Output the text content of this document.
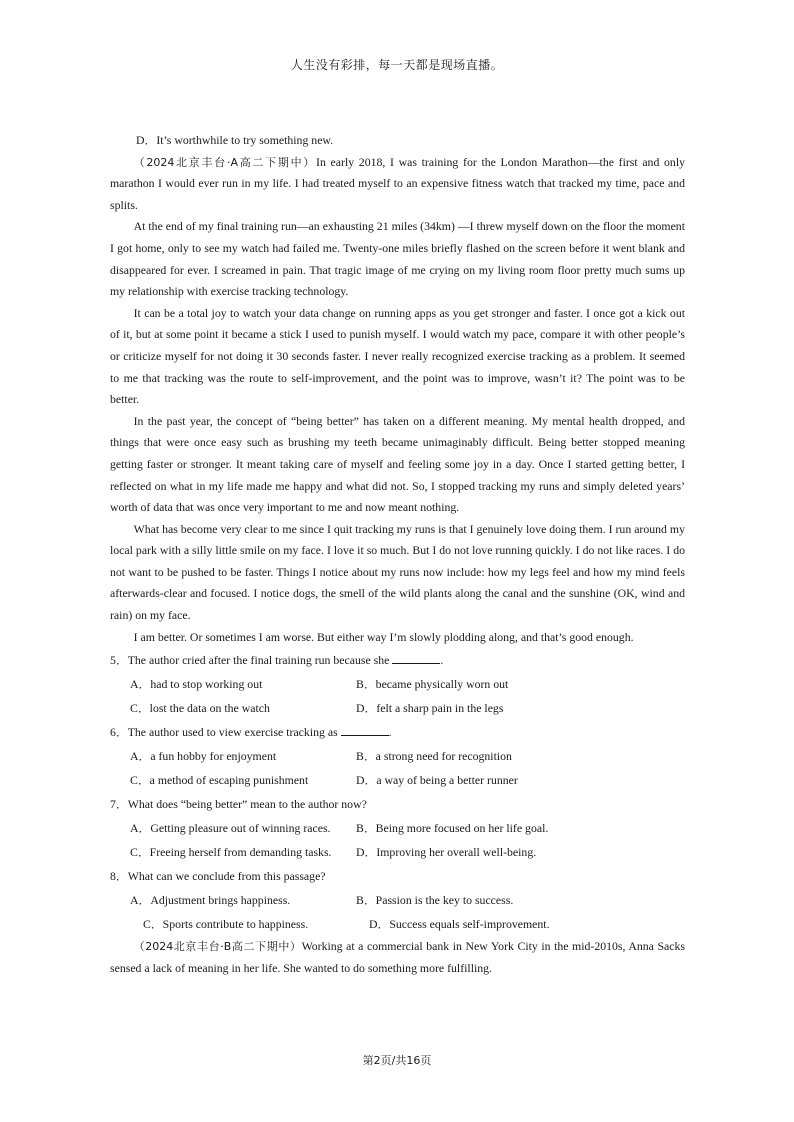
人生没有彩排，每一天都是现场直播。

D．It’s worthwhile to try something new.

（2024北京丰台·A高二下期中）In early 2018, I was training for the London Marathon—the first and only marathon I would ever run in my life. I had treated myself to an expensive fitness watch that tracked my time, pace and splits.

At the end of my final training run—an exhausting 21 miles (34km) —I threw myself down on the floor the moment I got home, only to see my watch had failed me. Twenty-one miles briefly flashed on the screen before it went blank and disappeared for ever. I screamed in pain. That tragic image of me crying on my living room floor pretty much sums up my relationship with exercise tracking technology.

It can be a total joy to watch your data change on running apps as you get stronger and faster. I once got a kick out of it, but at some point it became a stick I used to punish myself. I would watch my pace, compare it with other people’s or criticize myself for not doing it 30 seconds faster. I never really recognized exercise tracking as a problem. It seemed to me that tracking was the route to self-improvement, and the point was to improve, wasn’t it? The point was to be better.

In the past year, the concept of “being better” has taken on a different meaning. My mental health dropped, and things that were once easy such as brushing my teeth became unimaginably difficult. Being better stopped meaning getting faster or stronger. It meant taking care of myself and feeling some joy in a day. Once I started getting better, I reflected on what in my life made me happy and what did not. So, I stopped tracking my runs and simply deleted years’ worth of data that was once very important to me and now meant nothing.

What has become very clear to me since I quit tracking my runs is that I genuinely love doing them. I run around my local park with a silly little smile on my face. I love it so much. But I do not love running quickly. I do not like races. I do not want to be pushed to be faster. Things I notice about my runs now include: how my legs feel and how my mind feels afterwards-clear and focused. I notice dogs, the smell of the wild plants along the canal and the sunshine (OK, wind and rain) on my face.

I am better. Or sometimes I am worse. But either way I’m slowly plodding along, and that’s good enough.

5．The author cried after the final training run because she	.

A．had to stop working out	B．became physically worn out
C．lost the data on the watch	D．felt a sharp pain in the legs

6．The author used to view exercise tracking as	.

A．a fun hobby for enjoyment	B．a strong need for recognition
C．a method of escaping punishment	D．a way of being a better runner

7．What does “being better” mean to the author now?

A．Getting pleasure out of winning races.	B．Being more focused on her life goal.
C．Freeing herself from demanding tasks.	D．Improving her overall well-being.

8．What can we conclude from this passage?

A．Adjustment brings happiness.	B．Passion is the key to success.
C．Sports contribute to happiness.	D．Success equals self-improvement.

（2024北京丰台·B高二下期中）Working at a commercial bank in New York City in the mid-2010s, Anna Sacks sensed a lack of meaning in her life. She wanted to do something more fulfilling.

第2页/共16页
